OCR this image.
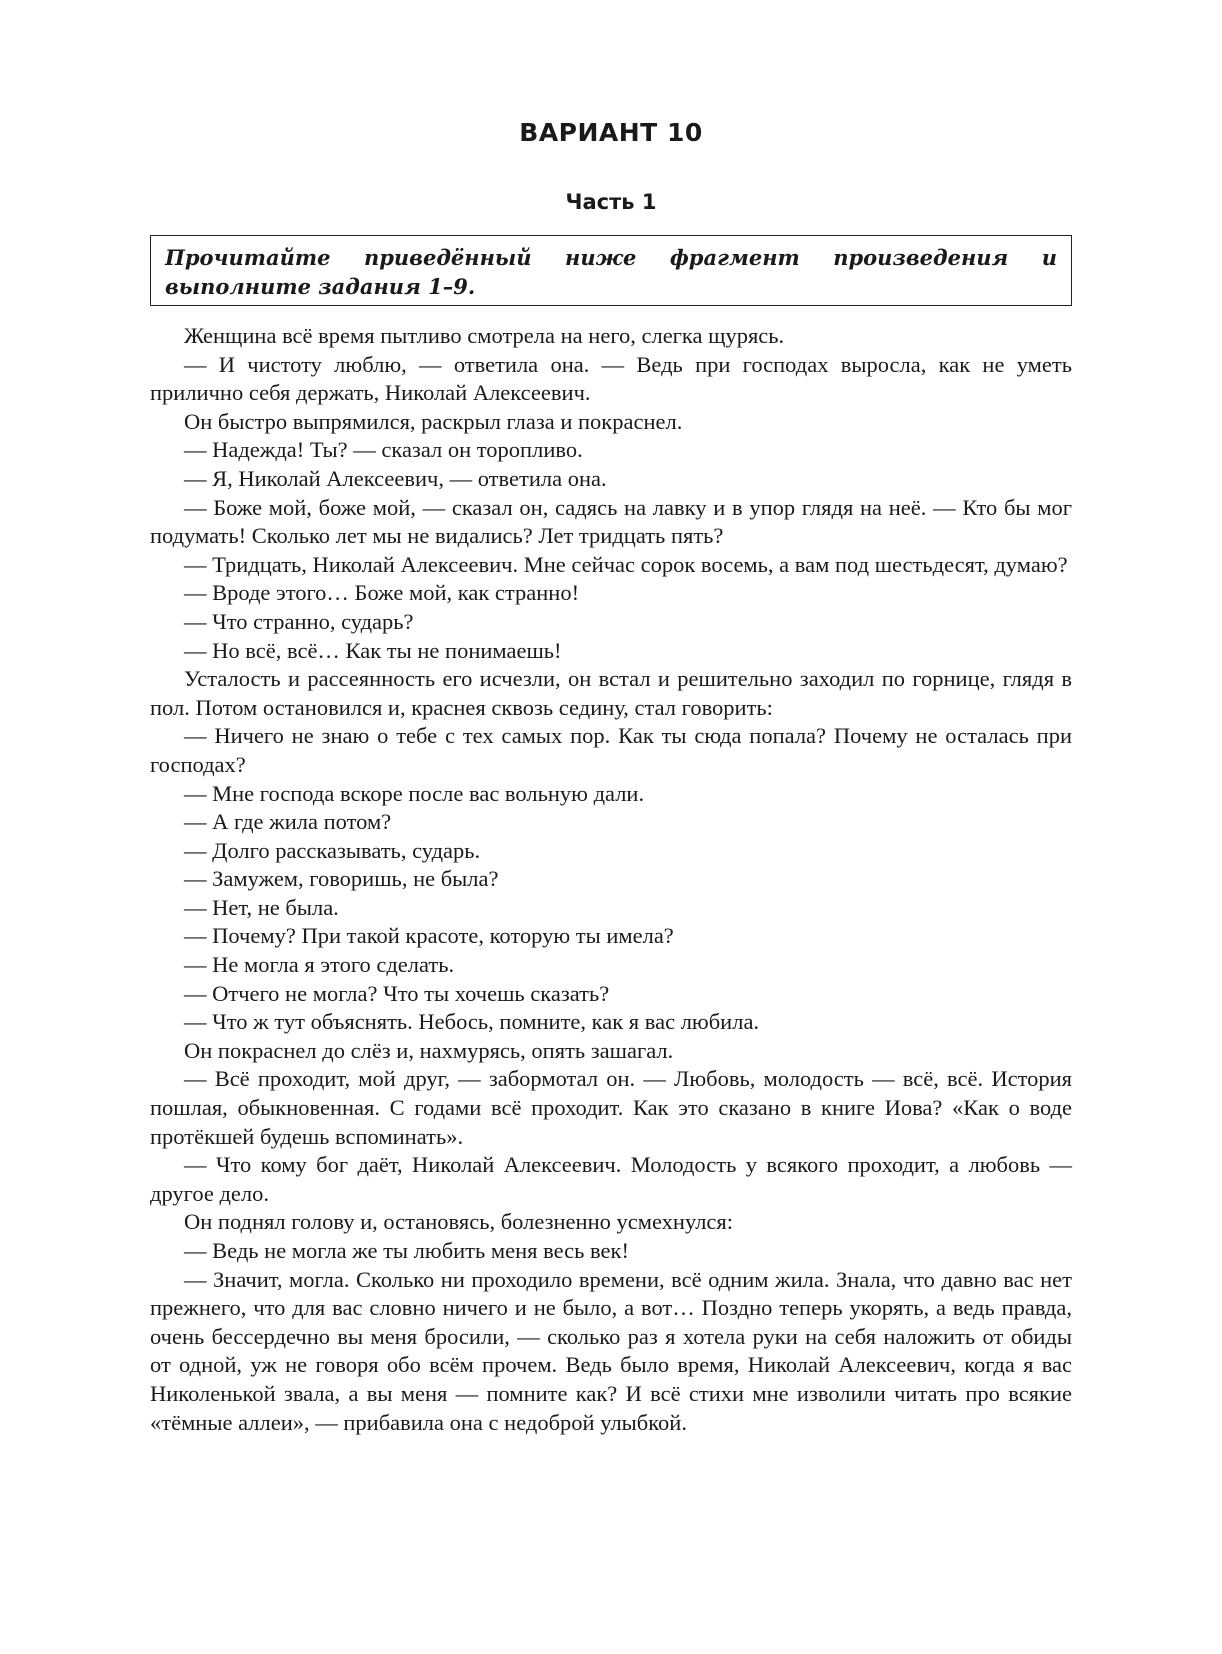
ВАРИАНТ 10
Часть 1

Прочитайте приведённый ниже фрагмент произведения и выполните задания 1–9.

Женщина всё время пытливо смотрела на него, слегка щурясь.

— И чистоту люблю, — ответила она. — Ведь при господах выросла, как не уметь прилично себя держать, Николай Алексеевич.

Он быстро выпрямился, раскрыл глаза и покраснел.

— Надежда! Ты? — сказал он торопливо.

— Я, Николай Алексеевич, — ответила она.

— Боже мой, боже мой, — сказал он, садясь на лавку и в упор глядя на неё. — Кто бы мог подумать! Сколько лет мы не видались? Лет тридцать пять?

— Тридцать, Николай Алексеевич. Мне сейчас сорок восемь, а вам под шестьдесят, думаю?

— Вроде этого… Боже мой, как странно!

— Что странно, сударь?

— Но всё, всё… Как ты не понимаешь!

Усталость и рассеянность его исчезли, он встал и решительно заходил по горнице, глядя в пол. Потом остановился и, краснея сквозь седину, стал говорить:

— Ничего не знаю о тебе с тех самых пор. Как ты сюда попала? Почему не осталась при господах?

— Мне господа вскоре после вас вольную дали.

— А где жила потом?

— Долго рассказывать, сударь.

— Замужем, говоришь, не была?

— Нет, не была.

— Почему? При такой красоте, которую ты имела?

— Не могла я этого сделать.

— Отчего не могла? Что ты хочешь сказать?

— Что ж тут объяснять. Небось, помните, как я вас любила.

Он покраснел до слёз и, нахмурясь, опять зашагал.

— Всё проходит, мой друг, — забормотал он. — Любовь, молодость — всё, всё. История пошлая, обыкновенная. С годами всё проходит. Как это сказано в книге Иова? «Как о воде протёкшей будешь вспоминать».

— Что кому бог даёт, Николай Алексеевич. Молодость у всякого проходит, а любовь — другое дело.

Он поднял голову и, остановясь, болезненно усмехнулся:

— Ведь не могла же ты любить меня весь век!

— Значит, могла. Сколько ни проходило времени, всё одним жила. Знала, что давно вас нет прежнего, что для вас словно ничего и не было, а вот… Поздно теперь укорять, а ведь правда, очень бессердечно вы меня бросили, — сколько раз я хотела руки на себя наложить от обиды от одной, уж не говоря обо всём прочем. Ведь было время, Николай Алексеевич, когда я вас Николенькой звала, а вы меня — помните как? И всё стихи мне изволили читать про всякие «тёмные аллеи», — прибавила она с недоброй улыбкой.
